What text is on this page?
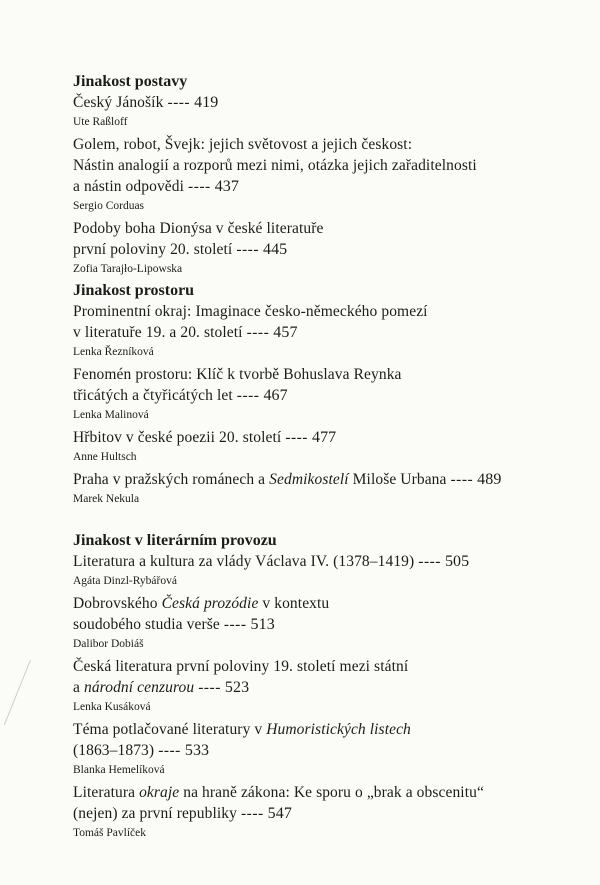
Jinakost postavy
Český Jánošík ---- 419
Ute Raßloff
Golem, robot, Švejk: jejich světovost a jejich českost:
Nástin analogií a rozporů mezi nimi, otázka jejich zařaditelnosti
a nástin odpovědi ---- 437
Sergio Corduas
Podoby boha Dionýsa v české literatuře
první poloviny 20. století ---- 445
Zofia Tarajło-Lipowska
Jinakost prostoru
Prominentní okraj: Imaginace česko-německého pomezí
v literatuře 19. a 20. století ---- 457
Lenka Řezníková
Fenomén prostoru: Klíč k tvorbě Bohuslava Reynka
třicátých a čtyřicátých let ---- 467
Lenka Malinová
Hřbitov v české poezii 20. století ---- 477
Anne Hultsch
Praha v pražských románech a Sedmikostelí Miloše Urbana ---- 489
Marek Nekula
Jinakost v literárním provozu
Literatura a kultura za vlády Václava IV. (1378–1419) ---- 505
Agáta Dinzl-Rybářová
Dobrovského Česká prozódie v kontextu
soudobého studia verše ---- 513
Dalibor Dobiáš
Česká literatura první poloviny 19. století mezi státní
a národní cenzurou ---- 523
Lenka Kusáková
Téma potlačované literatury v Humoristických listech
(1863–1873) ---- 533
Blanka Hemelíková
Literatura okraje na hraně zákona: Ke sporu o „brak a obscenitu“
(nejen) za první republiky ---- 547
Tomáš Pavlíček
